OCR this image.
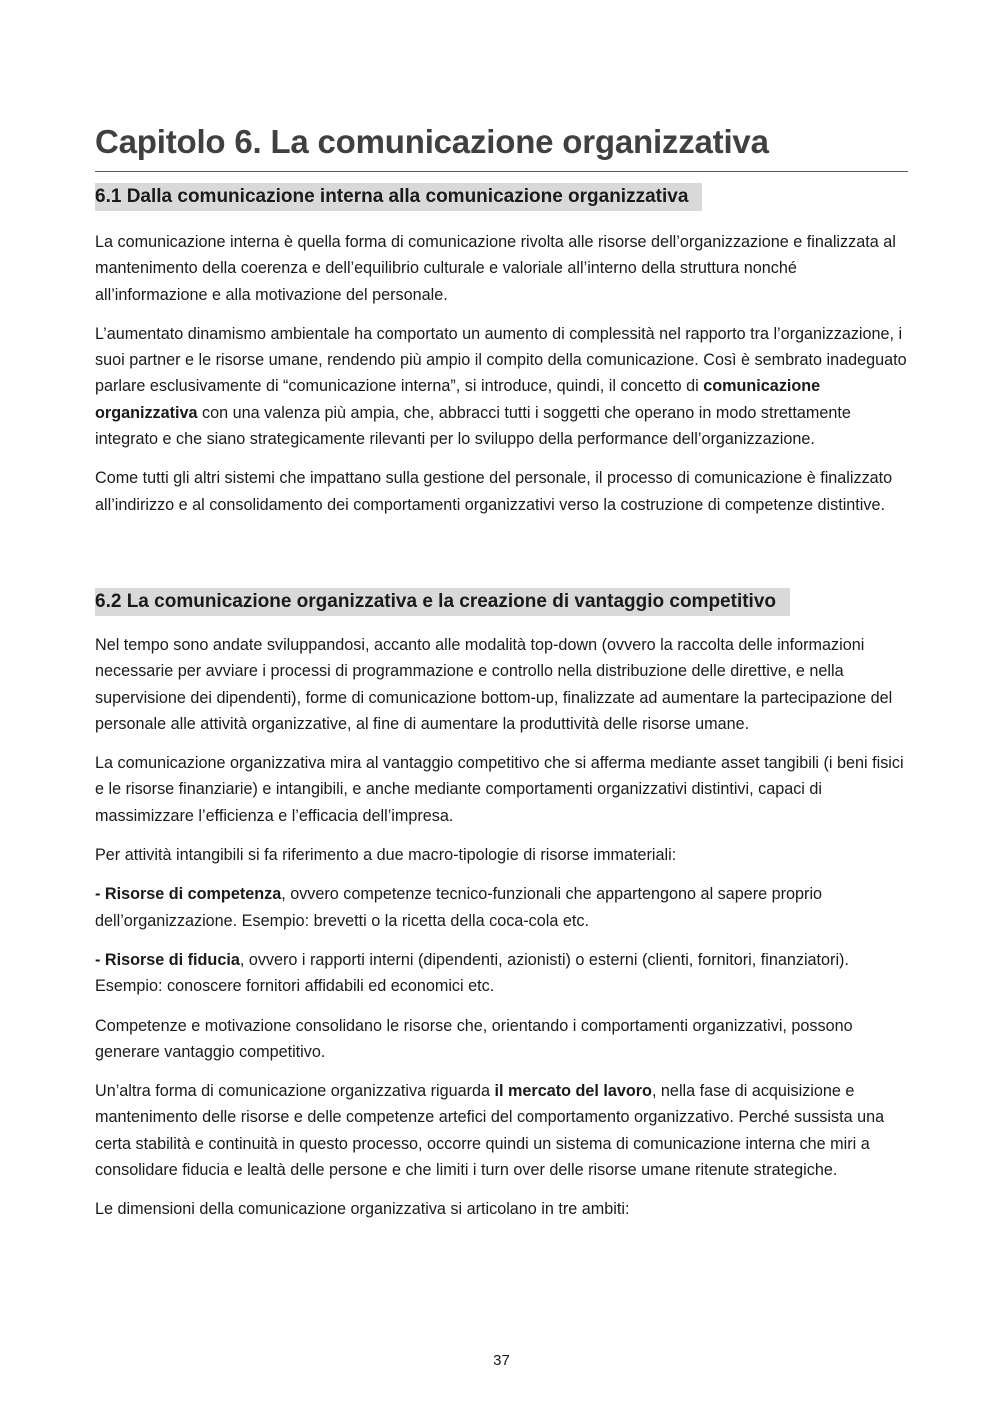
Capitolo 6. La comunicazione organizzativa
6.1 Dalla comunicazione interna alla comunicazione organizzativa

La comunicazione interna è quella forma di comunicazione rivolta alle risorse dell’organizzazione e finalizzata al mantenimento della coerenza e dell’equilibrio culturale e valoriale all’interno della struttura nonché all’informazione e alla motivazione del personale.

L’aumentato dinamismo ambientale ha comportato un aumento di complessità nel rapporto tra l’organizzazione, i suoi partner e le risorse umane, rendendo più ampio il compito della comunicazione. Così è sembrato inadeguato parlare esclusivamente di “comunicazione interna”, si introduce, quindi, il concetto di comunicazione organizzativa con una valenza più ampia, che, abbracci tutti i soggetti che operano in modo strettamente integrato e che siano strategicamente rilevanti per lo sviluppo della performance dell’organizzazione.

Come tutti gli altri sistemi che impattano sulla gestione del personale, il processo di comunicazione è finalizzato all’indirizzo e al consolidamento dei comportamenti organizzativi verso la costruzione di competenze distintive.

6.2 La comunicazione organizzativa e la creazione di vantaggio competitivo

Nel tempo sono andate sviluppandosi, accanto alle modalità top-down (ovvero la raccolta delle informazioni necessarie per avviare i processi di programmazione e controllo nella distribuzione delle direttive, e nella supervisione dei dipendenti), forme di comunicazione bottom-up, finalizzate ad aumentare la partecipazione del personale alle attività organizzative, al fine di aumentare la produttività delle risorse umane.

La comunicazione organizzativa mira al vantaggio competitivo che si afferma mediante asset tangibili (i beni fisici e le risorse finanziarie) e intangibili, e anche mediante comportamenti organizzativi distintivi, capaci di massimizzare l’efficienza e l’efficacia dell’impresa.

Per attività intangibili si fa riferimento a due macro-tipologie di risorse immateriali:

- Risorse di competenza, ovvero competenze tecnico-funzionali che appartengono al sapere proprio dell’organizzazione. Esempio: brevetti o la ricetta della coca-cola etc.

- Risorse di fiducia, ovvero i rapporti interni (dipendenti, azionisti) o esterni (clienti, fornitori, finanziatori). Esempio: conoscere fornitori affidabili ed economici etc.

Competenze e motivazione consolidano le risorse che, orientando i comportamenti organizzativi, possono generare vantaggio competitivo.

Un’altra forma di comunicazione organizzativa riguarda il mercato del lavoro, nella fase di acquisizione e mantenimento delle risorse e delle competenze artefici del comportamento organizzativo. Perché sussista una certa stabilità e continuità in questo processo, occorre quindi un sistema di comunicazione interna che miri a consolidare fiducia e lealtà delle persone e che limiti i turn over delle risorse umane ritenute strategiche.

Le dimensioni della comunicazione organizzativa si articolano in tre ambiti:

37
